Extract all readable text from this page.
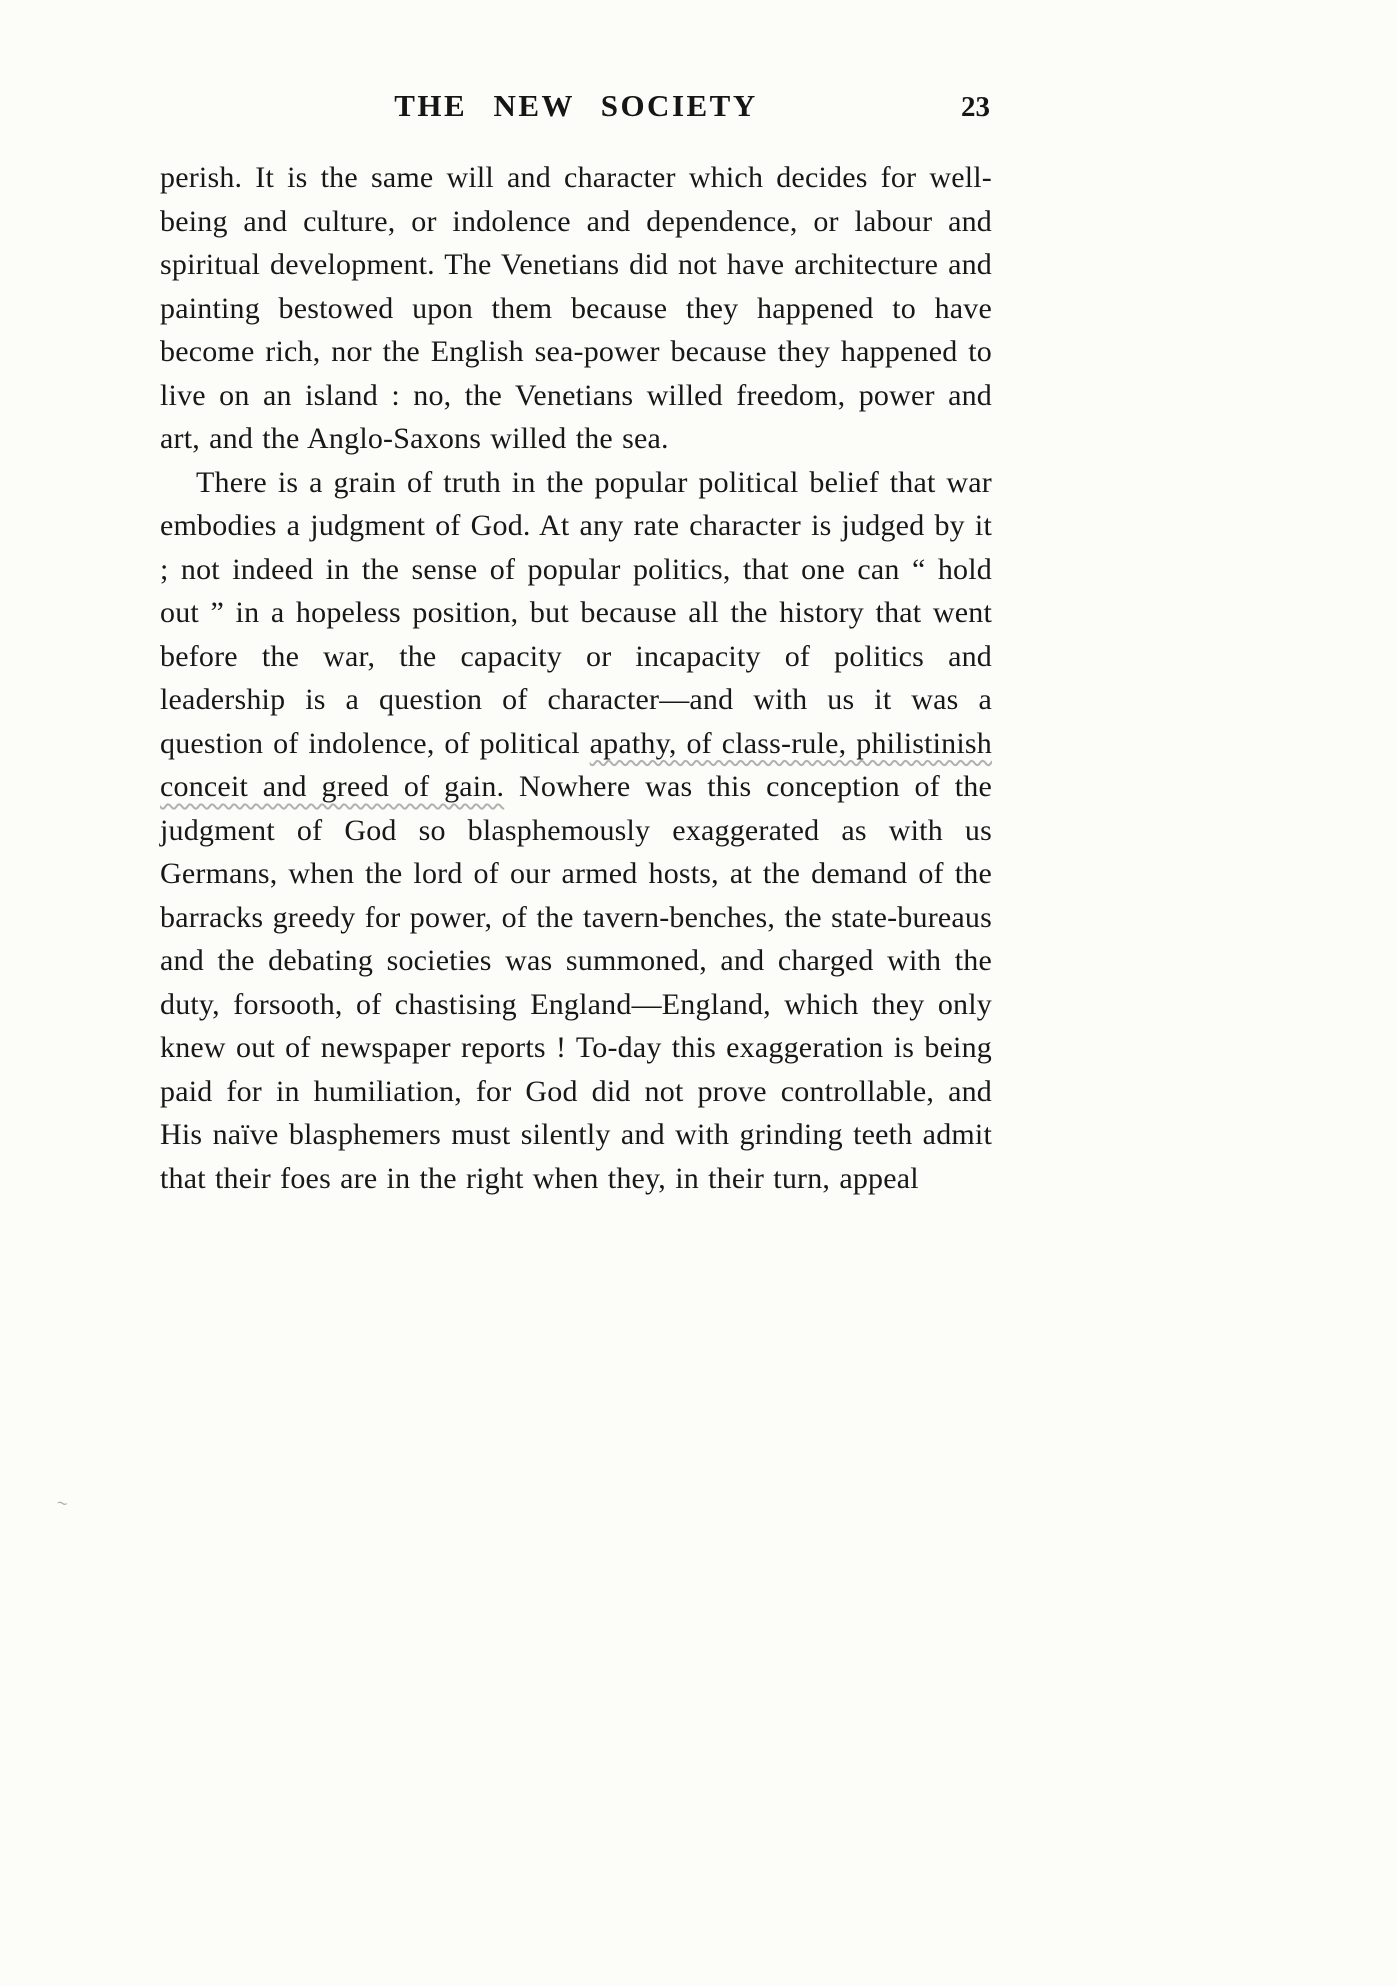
THE NEW SOCIETY	23

perish. It is the same will and character which decides for well-being and culture, or indolence and dependence, or labour and spiritual development. The Venetians did not have architecture and painting bestowed upon them because they happened to have become rich, nor the English sea-power because they happened to live on an island : no, the Venetians willed freedom, power and art, and the Anglo-Saxons willed the sea.

There is a grain of truth in the popular political belief that war embodies a judgment of God. At any rate character is judged by it ; not indeed in the sense of popular politics, that one can “ hold out ” in a hopeless position, but because all the history that went before the war, the capacity or incapacity of politics and leadership is a question of character—and with us it was a question of indolence, of political apathy, of class-rule, philistinish conceit and greed of gain. Nowhere was this conception of the judgment of God so blasphemously exaggerated as with us Germans, when the lord of our armed hosts, at the demand of the barracks greedy for power, of the tavern-benches, the state-bureaus and the debating societies was summoned, and charged with the duty, forsooth, of chastising England—England, which they only knew out of newspaper reports ! To-day this exaggeration is being paid for in humiliation, for God did not prove controllable, and His naïve blasphemers must silently and with grinding teeth admit that their foes are in the right when they, in their turn, appeal

∼
